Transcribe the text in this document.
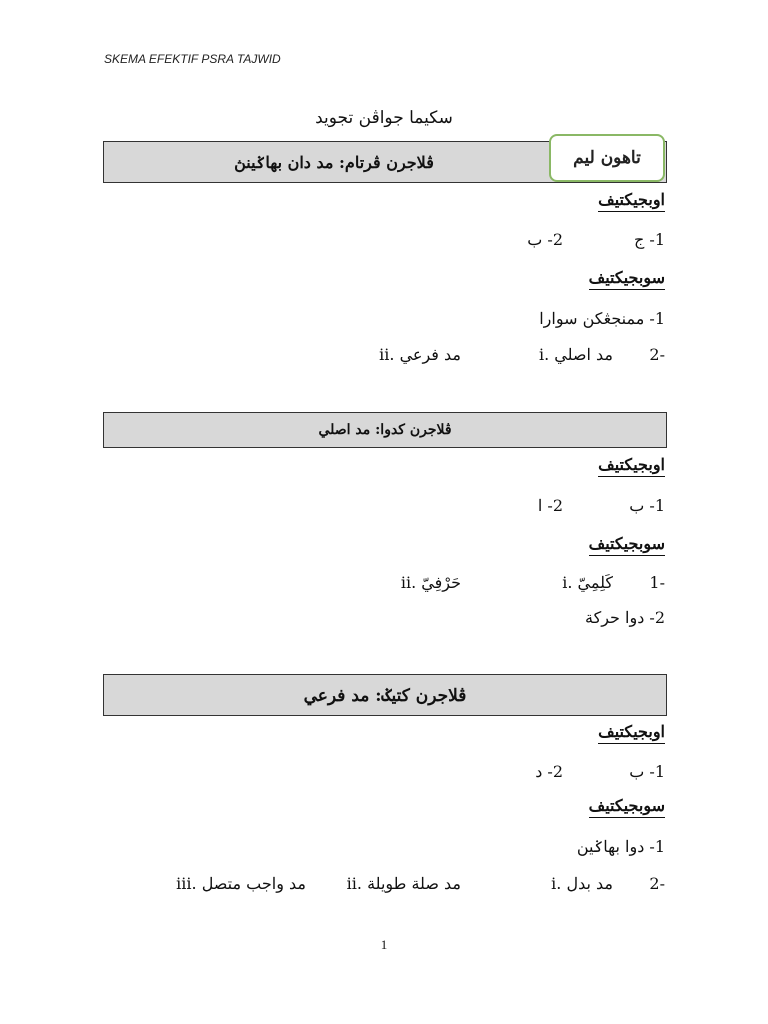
SKEMA EFEKTIF PSRA TAJWID
سکيما جواڤن تجويد
ڤلاجرن ڤرتام: مد دان بهاݢينڽ	تاهون ليم
اوبجيکتيف
1- ج
2- ب
سوبجيکتيف
1- ممنجڠکن سوارا
2-
i. مد اصلي
ii. مد فرعي
ڤلاجرن کدوا: مد اصلي
اوبجيکتيف
1- ب
2- ا
سوبجيکتيف
1-
i. كَلِمِيّ
ii. حَرْفِيّ
2- دوا حرکة
ڤلاجرن کتيݢ: مد فرعي
اوبجيکتيف
1- ب
2- د
سوبجيکتيف
1- دوا بهاݢين
2-
i. مد بدل
ii. مد صلة طويلة
iii. مد واجب متصل
1
